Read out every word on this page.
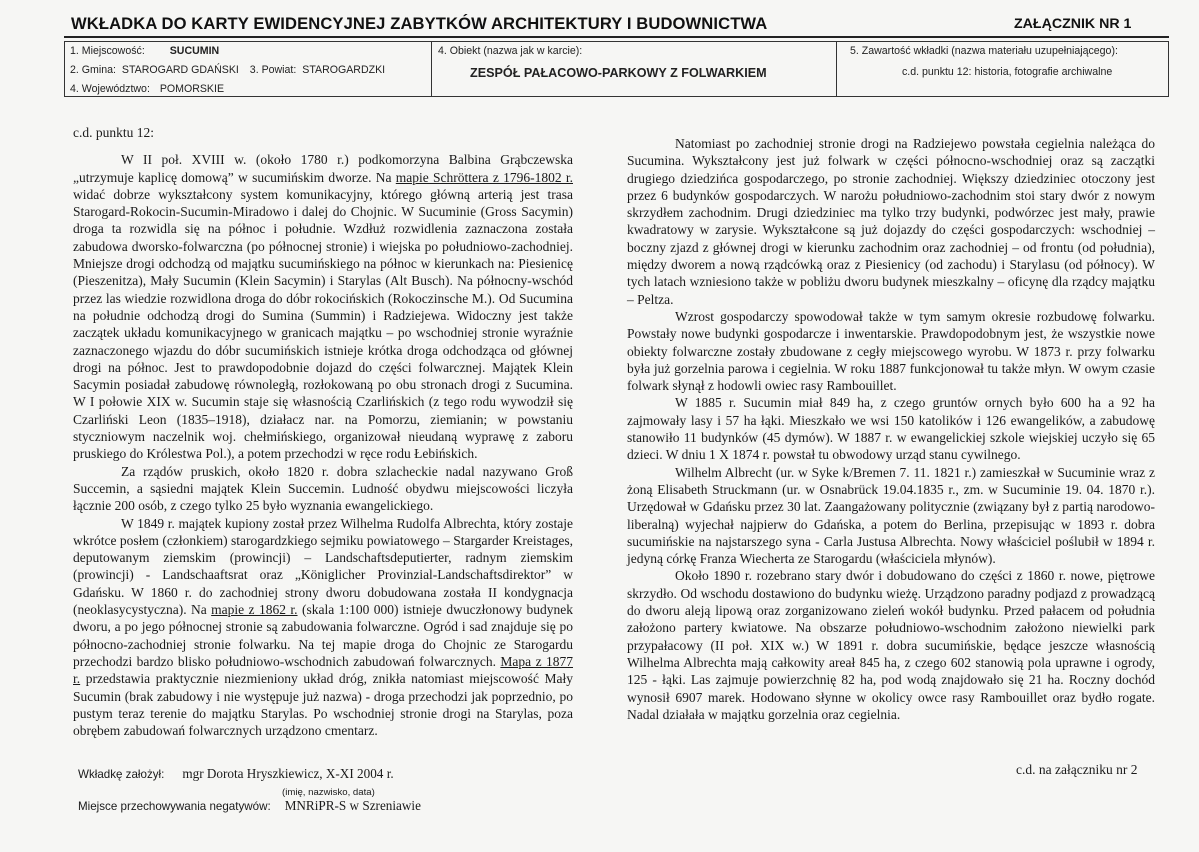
WKŁADKA DO KARTY EWIDENCYJNEJ ZABYTKÓW ARCHITEKTURY I BUDOWNICTWA	ZAŁĄCZNIK NR 1
1. Miejscowość: SUCUMIN
2. Gmina: STAROGARD GDAŃSKI 3. Powiat: STAROGARDZKI
4. Województwo: POMORSKIE
4. Obiekt (nazwa jak w karcie):
ZESPÓŁ PAŁACOWO-PARKOWY Z FOLWARKIEM
5. Zawartość wkładki (nazwa materiału uzupełniającego):
c.d. punktu 12: historia, fotografie archiwalne

c.d. punktu 12:

W II poł. XVIII w. (około 1780 r.) podkomorzyna Balbina Grąbczewska „utrzymuje kaplicę domową” w sucumińskim dworze. Na mapie Schröttera z 1796-1802 r. widać dobrze wykształcony system komunikacyjny, którego główną arterią jest trasa Starogard-Rokocin-Sucumin-Miradowo i dalej do Chojnic. W Sucuminie (Gross Sacymin) droga ta rozwidla się na północ i południe. Wzdłuż rozwidlenia zaznaczona została zabudowa dworsko-folwarczna (po północnej stronie) i wiejska po południowo-zachodniej. Mniejsze drogi odchodzą od majątku sucumińskiego na północ w kierunkach na: Piesienicę (Pieszenitza), Mały Sucumin (Klein Sacymin) i Starylas (Alt Busch). Na północny-wschód przez las wiedzie rozwidlona droga do dóbr rokocińskich (Rokoczinsche M.). Od Sucumina na południe odchodzą drogi do Sumina (Summin) i Radziejewa. Widoczny jest także zaczątek układu komunikacyjnego w granicach majątku – po wschodniej stronie wyraźnie zaznaczonego wjazdu do dóbr sucumińskich istnieje krótka droga odchodząca od głównej drogi na północ. Jest to prawdopodobnie dojazd do części folwarcznej. Majątek Klein Sacymin posiadał zabudowę równoległą, rozłokowaną po obu stronach drogi z Sucumina. W I połowie XIX w. Sucumin staje się własnością Czarlińskich (z tego rodu wywodził się Czarliński Leon (1835–1918), działacz nar. na Pomorzu, ziemianin; w powstaniu styczniowym naczelnik woj. chełmińskiego, organizował nieudaną wyprawę z zaboru pruskiego do Królestwa Pol.), a potem przechodzi w ręce rodu Łebińskich.

Za rządów pruskich, około 1820 r. dobra szlacheckie nadal nazywano Groß Succemin, a sąsiedni majątek Klein Succemin. Ludność obydwu miejscowości liczyła łącznie 200 osób, z czego tylko 25 było wyznania ewangelickiego.

W 1849 r. majątek kupiony został przez Wilhelma Rudolfa Albrechta, który zostaje wkrótce posłem (członkiem) starogardzkiego sejmiku powiatowego – Stargarder Kreistages, deputowanym ziemskim (prowincji) – Landschaftsdeputierter, radnym ziemskim (prowincji) - Landschaaftsrat oraz „Königlicher Provinzial-Landschaftsdirektor” w Gdańsku. W 1860 r. do zachodniej strony dworu dobudowana została II kondygnacja (neoklasycystyczna). Na mapie z 1862 r. (skala 1:100 000) istnieje dwuczłonowy budynek dworu, a po jego północnej stronie są zabudowania folwarczne. Ogród i sad znajduje się po północno-zachodniej stronie folwarku. Na tej mapie droga do Chojnic ze Starogardu przechodzi bardzo blisko południowo-wschodnich zabudowań folwarcznych. Mapa z 1877 r. przedstawia praktycznie niezmieniony układ dróg, znikła natomiast miejscowość Mały Sucumin (brak zabudowy i nie występuje już nazwa) - droga przechodzi jak poprzednio, po pustym teraz terenie do majątku Starylas. Po wschodniej stronie drogi na Starylas, poza obrębem zabudowań folwarcznych urządzono cmentarz.

Natomiast po zachodniej stronie drogi na Radziejewo powstała cegielnia należąca do Sucumina. Wykształcony jest już folwark w części północno-wschodniej oraz są zaczątki drugiego dziedzińca gospodarczego, po stronie zachodniej. Większy dziedziniec otoczony jest przez 6 budynków gospodarczych. W narożu południowo-zachodnim stoi stary dwór z nowym skrzydłem zachodnim. Drugi dziedziniec ma tylko trzy budynki, podwórzec jest mały, prawie kwadratowy w zarysie. Wykształcone są już dojazdy do części gospodarczych: wschodniej – boczny zjazd z głównej drogi w kierunku zachodnim oraz zachodniej – od frontu (od południa), między dworem a nową rządcówką oraz z Piesienicy (od zachodu) i Starylasu (od północy). W tych latach wzniesiono także w pobliżu dworu budynek mieszkalny – oficynę dla rządcy majątku – Peltza.

Wzrost gospodarczy spowodował także w tym samym okresie rozbudowę folwarku. Powstały nowe budynki gospodarcze i inwentarskie. Prawdopodobnym jest, że wszystkie nowe obiekty folwarczne zostały zbudowane z cegły miejscowego wyrobu. W 1873 r. przy folwarku była już gorzelnia parowa i cegielnia. W roku 1887 funkcjonował tu także młyn. W owym czasie folwark słynął z hodowli owiec rasy Rambouillet.

W 1885 r. Sucumin miał 849 ha, z czego gruntów ornych było 600 ha a 92 ha zajmowały lasy i 57 ha łąki. Mieszkało we wsi 150 katolików i 126 ewangelików, a zabudowę stanowiło 11 budynków (45 dymów). W 1887 r. w ewangelickiej szkole wiejskiej uczyło się 65 dzieci. W dniu 1 X 1874 r. powstał tu obwodowy urząd stanu cywilnego.

Wilhelm Albrecht (ur. w Syke k/Bremen 7. 11. 1821 r.) zamieszkał w Sucuminie wraz z żoną Elisabeth Struckmann (ur. w Osnabrück 19.04.1835 r., zm. w Sucuminie 19. 04. 1870 r.). Urzędował w Gdańsku przez 30 lat. Zaangażowany politycznie (związany był z partią narodowo-liberalną) wyjechał najpierw do Gdańska, a potem do Berlina, przepisując w 1893 r. dobra sucumińskie na najstarszego syna - Carla Justusa Albrechta. Nowy właściciel poślubił w 1894 r. jedyną córkę Franza Wiecherta ze Starogardu (właściciela młynów).

Około 1890 r. rozebrano stary dwór i dobudowano do części z 1860 r. nowe, piętrowe skrzydło. Od wschodu dostawiono do budynku wieżę. Urządzono paradny podjazd z prowadzącą do dworu aleją lipową oraz zorganizowano zieleń wokół budynku. Przed pałacem od południa założono partery kwiatowe. Na obszarze południowo-wschodnim założono niewielki park przypałacowy (II poł. XIX w.) W 1891 r. dobra sucumińskie, będące jeszcze własnością Wilhelma Albrechta mają całkowity areał 845 ha, z czego 602 stanowią pola uprawne i ogrody, 125 - łąki. Las zajmuje powierzchnię 82 ha, pod wodą znajdowało się 21 ha. Roczny dochód wynosił 6907 marek. Hodowano słynne w okolicy owce rasy Rambouillet oraz bydło rogate. Nadal działała w majątku gorzelnia oraz cegielnia.

c.d. na załączniku nr 2
Wkładkę założył: mgr Dorota Hryszkiewicz, X-XI 2004 r.
(imię, nazwisko, data)
Miejsce przechowywania negatywów: MNRiPR-S w Szreniawie
